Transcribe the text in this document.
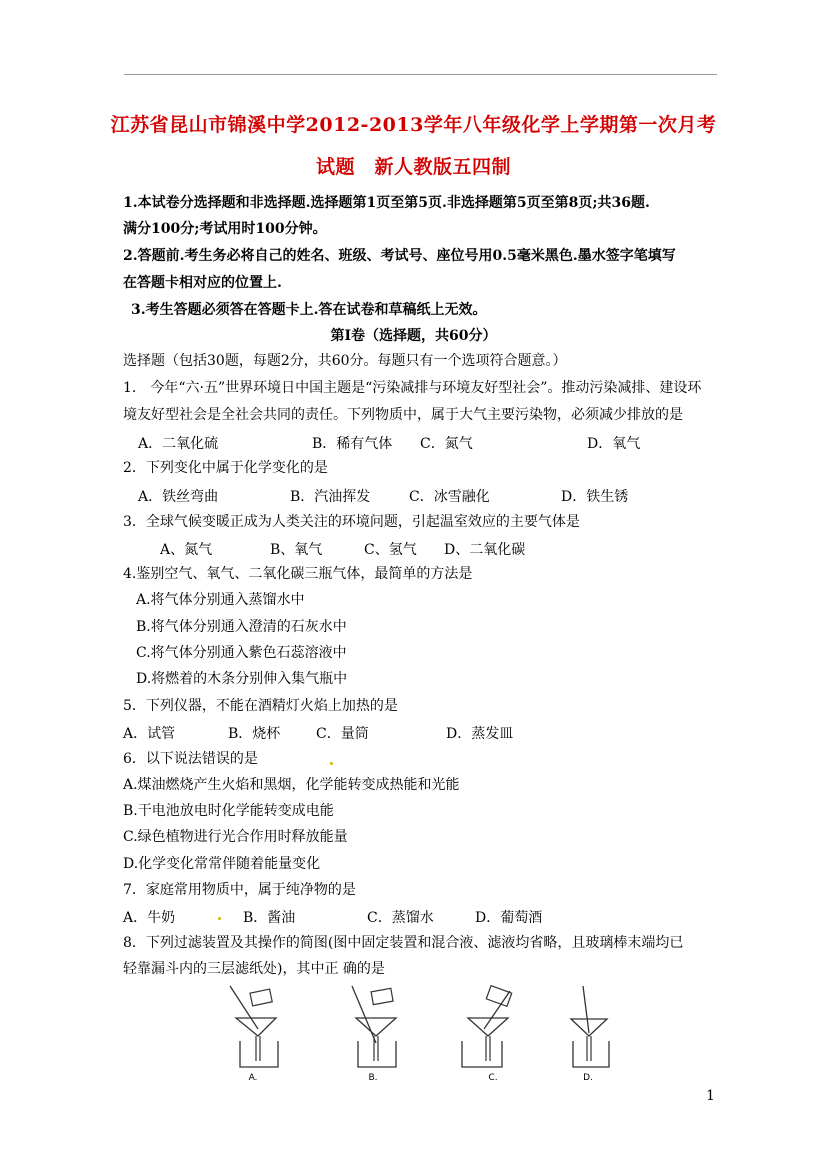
江苏省昆山市锦溪中学2012-2013学年八年级化学上学期第一次月考
试题　新人教版五四制
1.本试卷分选择题和非选择题.选择题第1页至第5页.非选择题第5页至第8页;共36题.
满分100分;考试用时100分钟。
2.答题前.考生务必将自己的姓名、班级、考试号、座位号用0.5毫米黑色.墨水签字笔填写
在答题卡相对应的位置上.
3.考生答题必须答在答题卡上.答在试卷和草稿纸上无效。
第Ⅰ卷（选择题，共60分）
选择题（包括30题，每题2分，共60分。每题只有一个选项符合题意。）
1． 今年“六·五”世界环境日中国主题是“污染减排与环境友好型社会”。推动污染减排、建设环
境友好型社会是全社会共同的责任。下列物质中，属于大气主要污染物，必须减少排放的是
A．二氧化硫	B．稀有气体 C．氮气	D．氧气
2．下列变化中属于化学变化的是
A．铁丝弯曲	B．汽油挥发	C．冰雪融化	D．铁生锈
3．全球气候变暖正成为人类关注的环境问题，引起温室效应的主要气体是
A、氮气	B、氧气	C、氢气 D、二氧化碳
4.鉴别空气、氧气、二氧化碳三瓶气体，最简单的方法是
A.将气体分别通入蒸馏水中
B.将气体分别通入澄清的石灰水中
C.将气体分别通入紫色石蕊溶液中
D.将燃着的木条分别伸入集气瓶中
5．下列仪器，不能在酒精灯火焰上加热的是
A．试管	B．烧杯	C．量筒	D．蒸发皿
6．以下说法错误的是
A.煤油燃烧产生火焰和黑烟，化学能转变成热能和光能
B.干电池放电时化学能转变成电能
C.绿色植物进行光合作用时释放能量
D.化学变化常常伴随着能量变化
7．家庭常用物质中，属于纯净物的是
A．牛奶	B．酱油	C．蒸馏水	D．葡萄酒
8．下列过滤装置及其操作的简图(图中固定装置和混合液、滤液均省略，且玻璃棒末端均已
轻靠漏斗内的三层滤纸处)，其中正 确的是
A.	B.	C.	D.
1
